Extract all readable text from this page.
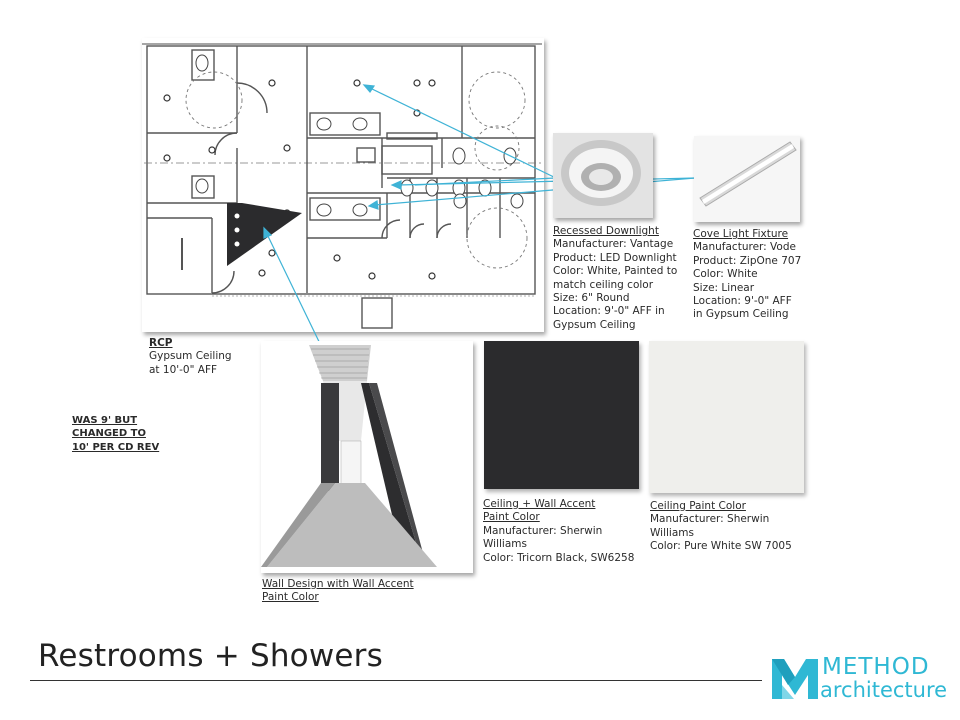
RCP
Gypsum Ceiling
at 10'-0" AFF
WAS 9' BUT
CHANGED TO
10' PER CD REV
Recessed Downlight
Manufacturer: Vantage
Product: LED Downlight
Color: White, Painted to
match ceiling color
Size: 6" Round
Location: 9'-0" AFF in
Gypsum Ceiling
Cove Light Fixture
Manufacturer: Vode
Product: ZipOne 707
Color: White
Size: Linear
Location: 9'-0" AFF
in Gypsum Ceiling
Wall Design with Wall Accent
Paint Color
Ceiling + Wall Accent
Paint Color
Manufacturer: Sherwin
Williams
Color: Tricorn Black, SW6258
Ceiling Paint Color
Manufacturer: Sherwin
Williams
Color: Pure White SW 7005
Restrooms + Showers	METHOD
architecture
